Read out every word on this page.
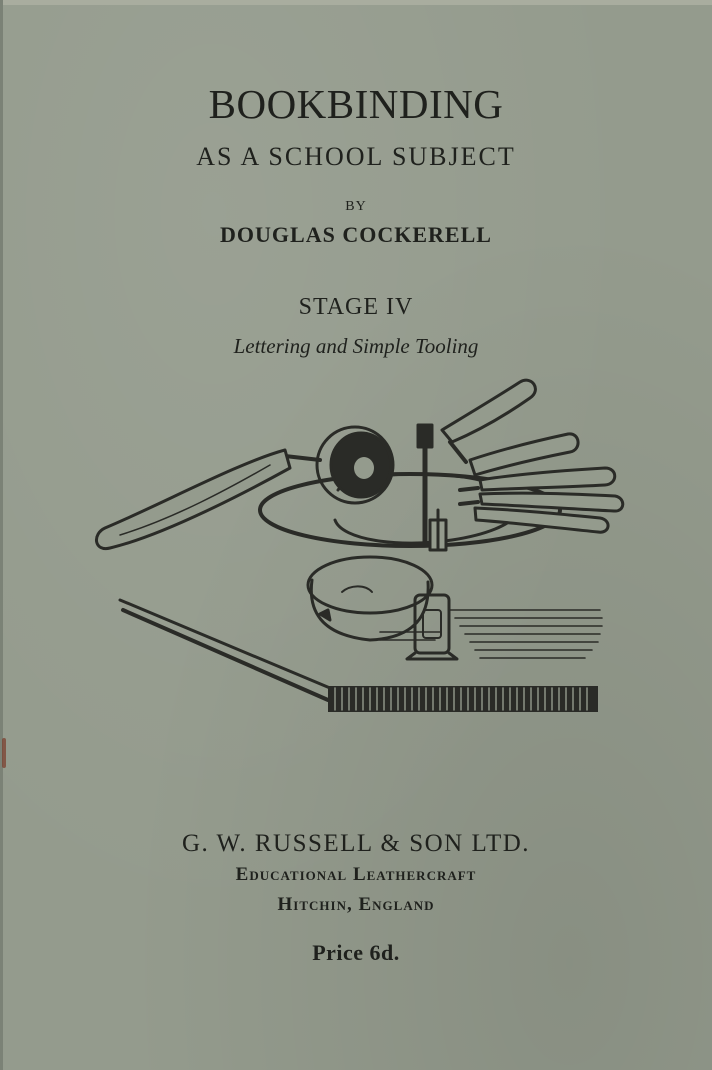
BOOKBINDING
AS A SCHOOL SUBJECT
BY
DOUGLAS COCKERELL
STAGE IV
Lettering and Simple Tooling
G. W. RUSSELL & SON LTD.
Educational Leathercraft
Hitchin, England
Price 6d.
